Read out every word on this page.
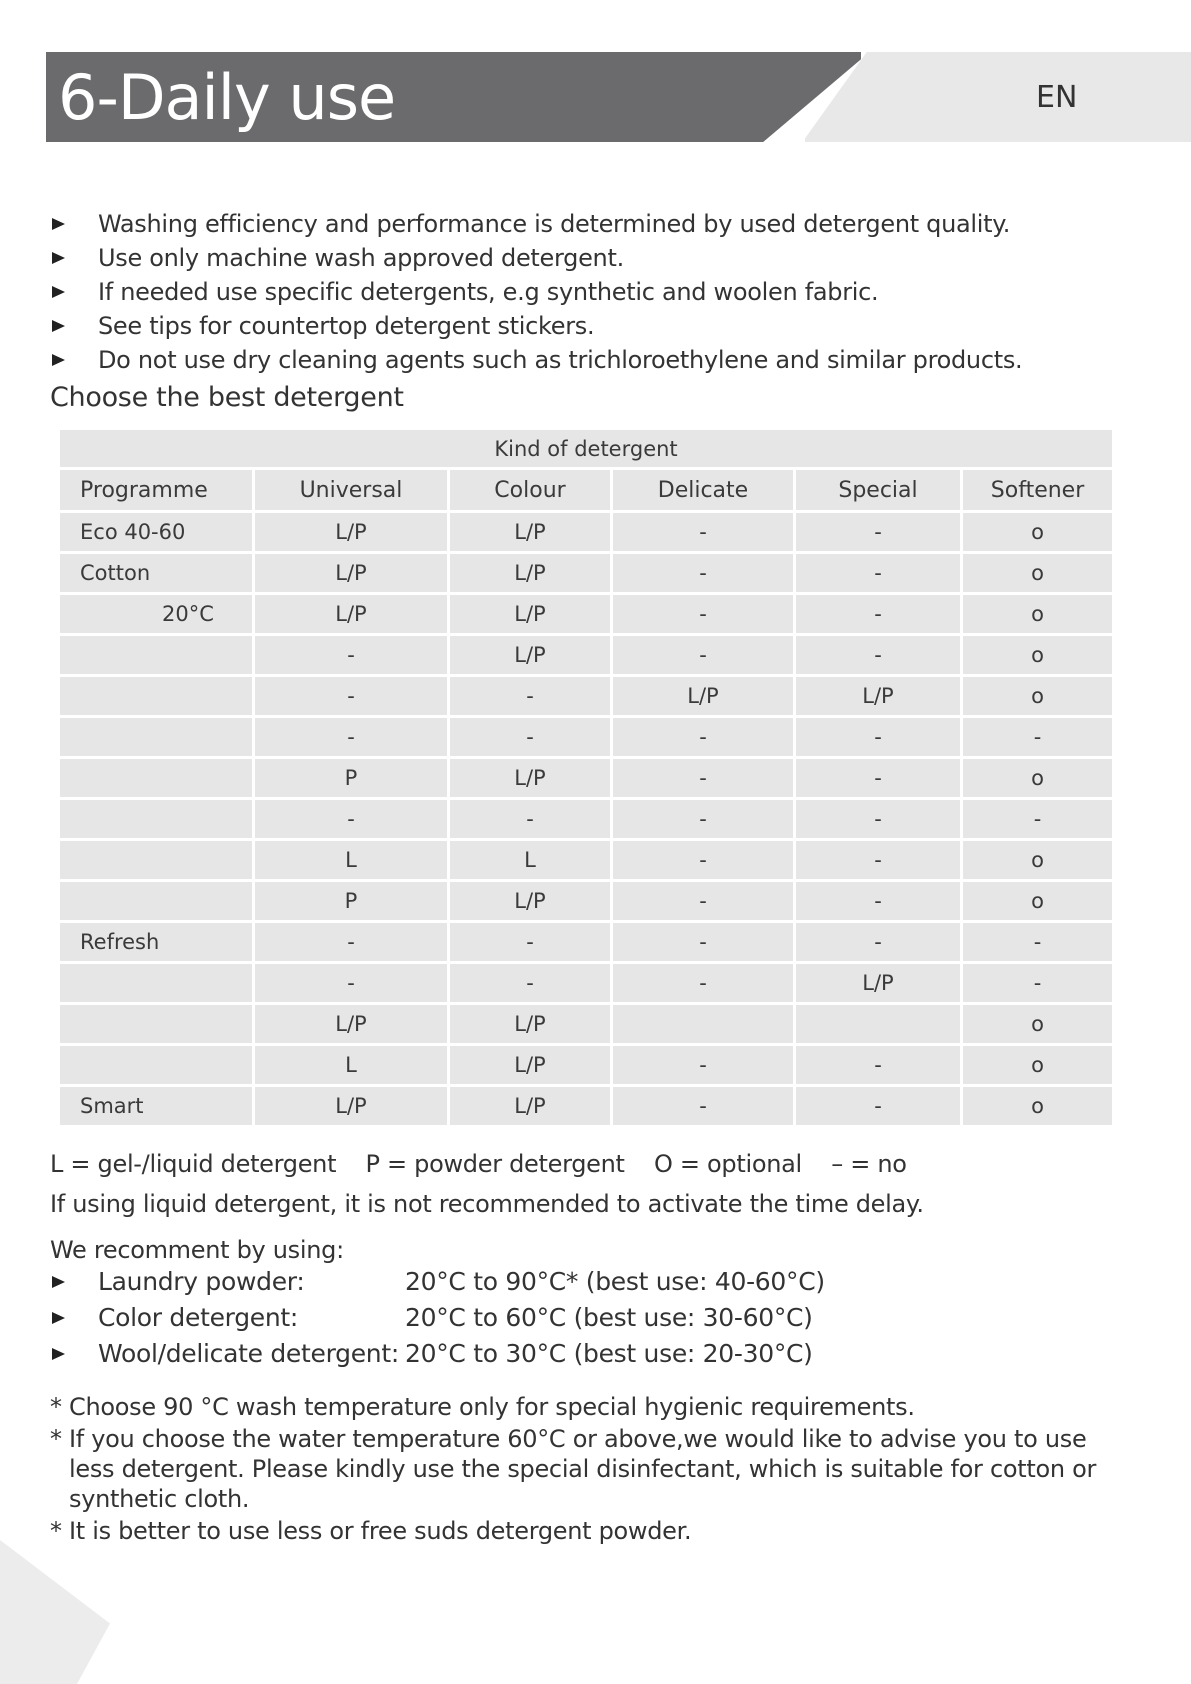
6-Daily use	EN
Washing efficiency and performance is determined by used detergent quality.
Use only machine wash approved detergent.
If needed use specific detergents, e.g synthetic and woolen fabric.
See tips for countertop detergent stickers.
Do not use dry cleaning agents such as trichloroethylene and similar products.
Choose the best detergent
Kind of detergent					
Programme	Universal	Colour	Delicate	Special	Softener
Eco 40-60	L/P	L/P	-	-	o
Cotton	L/P	L/P	-	-	o
20°C	L/P	L/P	-	-	o
	-	L/P	-	-	o
	-	-	L/P	L/P	o
	-	-	-	-	-
	P	L/P	-	-	o
	-	-	-	-	-
	L	L	-	-	o
	P	L/P	-	-	o
Refresh	-	-	-	-	-
	-	-	-	L/P	-
	L/P	L/P			o
	L	L/P	-	-	o
Smart	L/P	L/P	-	-	o
L = gel-/liquid detergent    P = powder detergent    O = optional    – = no
If using liquid detergent, it is not recommended to activate the time delay.
We recomment by using:
Laundry powder:	20°C to 90°C* (best use: 40-60°C)
Color detergent:	20°C to 60°C (best use: 30-60°C)
Wool/delicate detergent: 20°C to 30°C (best use: 20-30°C)
* Choose 90 °C wash temperature only for special hygienic requirements.
* If you choose the water temperature 60°C or above,we would like to advise you to use less detergent. Please kindly use the special disinfectant, which is suitable for cotton or synthetic cloth.
* It is better to use less or free suds detergent powder.
